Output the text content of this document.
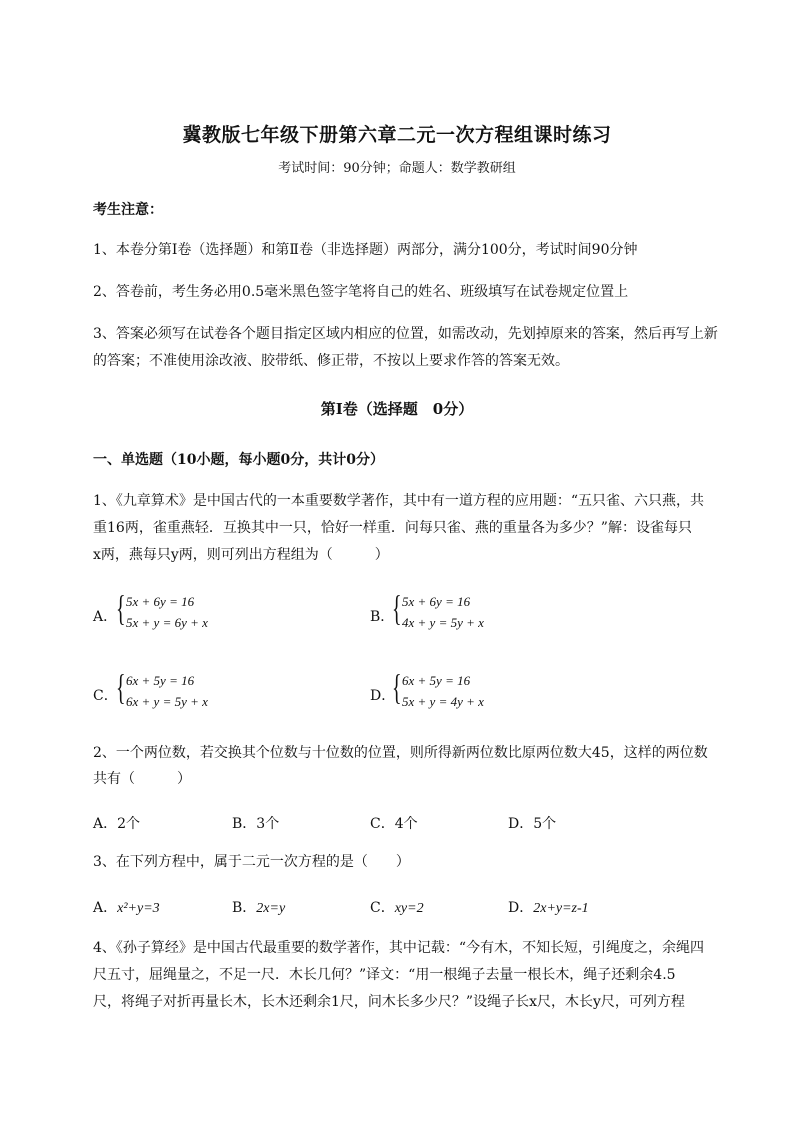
冀教版七年级下册第六章二元一次方程组课时练习

考试时间：90分钟；命题人：数学教研组

考生注意：

1、本卷分第Ⅰ卷（选择题）和第Ⅱ卷（非选择题）两部分，满分100分，考试时间90分钟

2、答卷前，考生务必用0.5毫米黑色签字笔将自己的姓名、班级填写在试卷规定位置上

3、答案必须写在试卷各个题目指定区域内相应的位置，如需改动，先划掉原来的答案，然后再写上新

的答案；不准使用涂改液、胶带纸、修正带，不按以上要求作答的答案无效。

第Ⅰ卷（选择题　0分）

一、单选题（10小题，每小题0分，共计0分）

1、《九章算术》是中国古代的一本重要数学著作，其中有一道方程的应用题：“五只雀、六只燕，共

重16两，雀重燕轻．互换其中一只，恰好一样重．问每只雀、燕的重量各为多少？”解：设雀每只

x两，燕每只y两，则可列出方程组为（　　　）

A．
{ 5x + 6y = 16
5x + y = 6y + x	B．
{ 5x + 6y = 16
4x + y = 5y + x
C．
{ 6x + 5y = 16
6x + y = 5y + x	D．
{ 6x + 5y = 16
5x + y = 4y + x

2、一个两位数，若交换其个位数与十位数的位置，则所得新两位数比原两位数大45，这样的两位数

共有（　　　）

A．2个	B．3个	C．4个	D．5个

3、在下列方程中，属于二元一次方程的是（　　）

A．x²+y=3	B．2x=y	C．xy=2	D．2x+y=z-1

4、《孙子算经》是中国古代最重要的数学著作，其中记载：“今有木，不知长短，引绳度之，余绳四

尺五寸，屈绳量之，不足一尺．木长几何？”译文：“用一根绳子去量一根长木，绳子还剩余4.5

尺，将绳子对折再量长木，长木还剩余1尺，问木长多少尺？”设绳子长x尺，木长y尺，可列方程
